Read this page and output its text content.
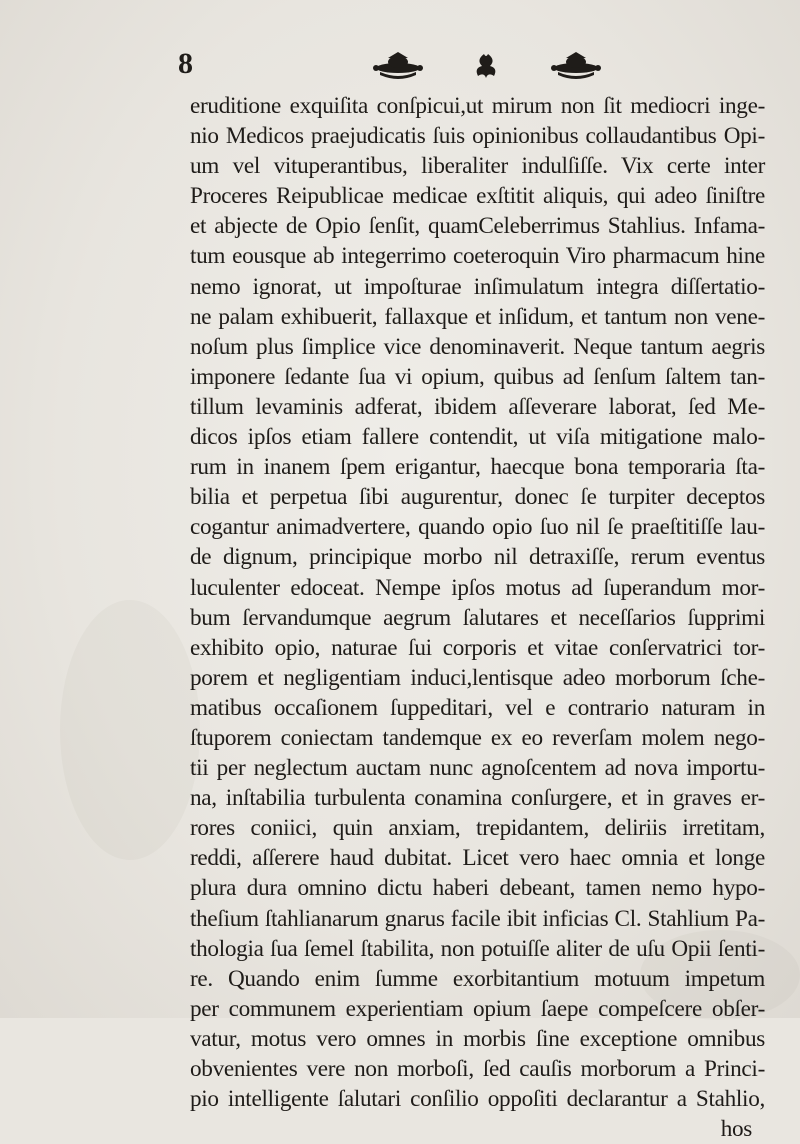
8
eruditione exquiſita conſpicui,ut mirum non ſit mediocri inge-
nio Medicos praejudicatis ſuis opinionibus collaudantibus Opi-
um vel vituperantibus, liberaliter indulſiſſe. Vix certe inter
Proceres Reipublicae medicae exſtitit aliquis, qui adeo ſiniſtre
et abjecte de Opio ſenſit, quamCeleberrimus Stahlius. Infama-
tum eousque ab integerrimo coeteroquin Viro pharmacum hine
nemo ignorat, ut impoſturae inſimulatum integra diſſertatio-
ne palam exhibuerit, fallaxque et inſidum, et tantum non vene-
noſum plus ſimplice vice denominaverit. Neque tantum aegris
imponere ſedante ſua vi opium, quibus ad ſenſum ſaltem tan-
tillum levaminis adferat, ibidem aſſeverare laborat, ſed Me-
dicos ipſos etiam fallere contendit, ut viſa mitigatione malo-
rum in inanem ſpem erigantur, haecque bona temporaria ſta-
bilia et perpetua ſibi augurentur, donec ſe turpiter deceptos
cogantur animadvertere, quando opio ſuo nil ſe praeſtitiſſe lau-
de dignum, principique morbo nil detraxiſſe, rerum eventus
luculenter edoceat. Nempe ipſos motus ad ſuperandum mor-
bum ſervandumque aegrum ſalutares et neceſſarios ſupprimi
exhibito opio, naturae ſui corporis et vitae conſervatrici tor-
porem et negligentiam induci,lentisque adeo morborum ſche-
matibus occaſionem ſuppeditari, vel e contrario naturam in
ſtuporem coniectam tandemque ex eo reverſam molem nego-
tii per neglectum auctam nunc agnoſcentem ad nova importu-
na, inſtabilia turbulenta conamina conſurgere, et in graves er-
rores coniici, quin anxiam, trepidantem, deliriis irretitam,
reddi, aſſerere haud dubitat. Licet vero haec omnia et longe
plura dura omnino dictu haberi debeant, tamen nemo hypo-
theſium ſtahlianarum gnarus facile ibit inficias Cl. Stahlium Pa-
thologia ſua ſemel ſtabilita, non potuiſſe aliter de uſu Opii ſenti-
re. Quando enim ſumme exorbitantium motuum impetum
per communem experientiam opium ſaepe compeſcere obſer-
vatur, motus vero omnes in morbis ſine exceptione omnibus
obvenientes vere non morboſi, ſed cauſis morborum a Princi-
pio intelligente ſalutari conſilio oppoſiti declarantur a Stahlio,
hos
